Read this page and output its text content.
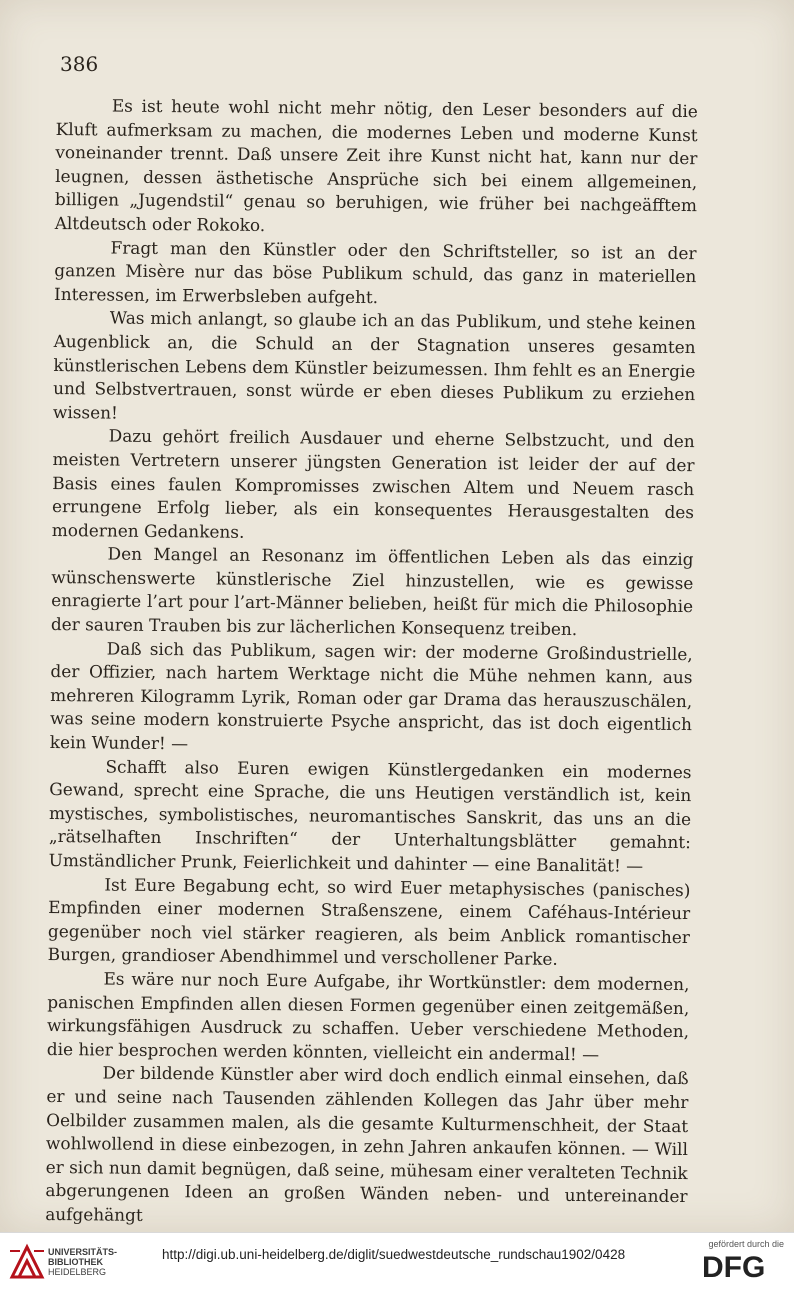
386

Es ist heute wohl nicht mehr nötig, den Leser besonders auf die Kluft aufmerksam zu machen, die modernes Leben und moderne Kunst voneinander trennt. Daß unsere Zeit ihre Kunst nicht hat, kann nur der leugnen, dessen ästhetische Ansprüche sich bei einem allgemeinen, billigen „Jugendstil“ genau so beruhigen, wie früher bei nachgeäfftem Altdeutsch oder Rokoko.

Fragt man den Künstler oder den Schriftsteller, so ist an der ganzen Misère nur das böse Publikum schuld, das ganz in materiellen Interessen, im Erwerbsleben aufgeht.

Was mich anlangt, so glaube ich an das Publikum, und stehe keinen Augenblick an, die Schuld an der Stagnation unseres gesamten künstlerischen Lebens dem Künstler beizumessen. Ihm fehlt es an Energie und Selbstvertrauen, sonst würde er eben dieses Publikum zu erziehen wissen!

Dazu gehört freilich Ausdauer und eherne Selbstzucht, und den meisten Vertretern unserer jüngsten Generation ist leider der auf der Basis eines faulen Kompromisses zwischen Altem und Neuem rasch errungene Erfolg lieber, als ein konsequentes Herausgestalten des modernen Gedankens.

Den Mangel an Resonanz im öffentlichen Leben als das einzig wünschenswerte künstlerische Ziel hinzustellen, wie es gewisse enragierte l’art pour l’art-Männer belieben, heißt für mich die Philosophie der sauren Trauben bis zur lächerlichen Konsequenz treiben.

Daß sich das Publikum, sagen wir: der moderne Großindustrielle, der Offizier, nach hartem Werktage nicht die Mühe nehmen kann, aus mehreren Kilogramm Lyrik, Roman oder gar Drama das herauszuschälen, was seine modern konstruierte Psyche anspricht, das ist doch eigentlich kein Wunder! —

Schafft also Euren ewigen Künstlergedanken ein modernes Gewand, sprecht eine Sprache, die uns Heutigen verständlich ist, kein mystisches, symbolistisches, neuromantisches Sanskrit, das uns an die „rätselhaften Inschriften“ der Unterhaltungsblätter gemahnt: Umständlicher Prunk, Feierlichkeit und dahinter — eine Banalität! —

Ist Eure Begabung echt, so wird Euer metaphysisches (panisches) Empfinden einer modernen Straßenszene, einem Caféhaus-Intérieur gegenüber noch viel stärker reagieren, als beim Anblick romantischer Burgen, grandioser Abendhimmel und verschollener Parke.

Es wäre nur noch Eure Aufgabe, ihr Wortkünstler: dem modernen, panischen Empfinden allen diesen Formen gegenüber einen zeitgemäßen, wirkungsfähigen Ausdruck zu schaffen. Ueber verschiedene Methoden, die hier besprochen werden könnten, vielleicht ein andermal! —

Der bildende Künstler aber wird doch endlich einmal einsehen, daß er und seine nach Tausenden zählenden Kollegen das Jahr über mehr Oelbilder zusammen malen, als die gesamte Kulturmenschheit, der Staat wohlwollend in diese einbezogen, in zehn Jahren ankaufen können. — Will er sich nun damit begnügen, daß seine, mühesam einer veralteten Technik abgerungenen Ideen an großen Wänden neben- und untereinander aufgehängt

UNIVERSITÄTS-
BIBLIOTHEK
HEIDELBERG
http://digi.ub.uni-heidelberg.de/diglit/suedwestdeutsche_rundschau1902/0428
gefördert durch die
DFG
